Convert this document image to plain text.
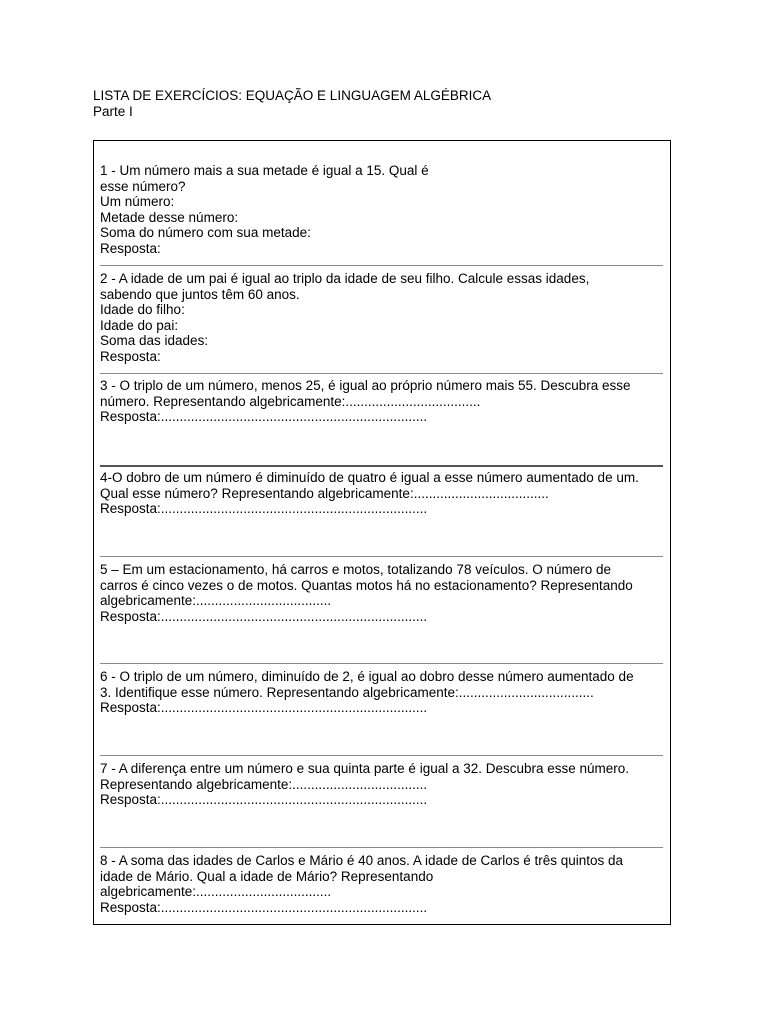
LISTA DE EXERCÍCIOS: EQUAÇÃO E LINGUAGEM ALGÉBRICA
Parte I
1 - Um número mais a sua metade é igual a 15. Qual é
esse número?
Um número:
Metade desse número:
Soma do número com sua metade:
Resposta:
2 - A idade de um pai é igual ao triplo da idade de seu filho. Calcule essas idades,
sabendo que juntos têm 60 anos.
Idade do filho:
Idade do pai:
Soma das idades:
Resposta:
3 - O triplo de um número, menos 25, é igual ao próprio número mais 55. Descubra esse
número. Representando algebricamente:....................................
Resposta:.......................................................................
4-O dobro de um número é diminuído de quatro é igual a esse número aumentado de um.
Qual esse número? Representando algebricamente:....................................
Resposta:.......................................................................
5 – Em um estacionamento, há carros e motos, totalizando 78 veículos. O número de
carros é cinco vezes o de motos. Quantas motos há no estacionamento? Representando
algebricamente:....................................
Resposta:.......................................................................
6 - O triplo de um número, diminuído de 2, é igual ao dobro desse número aumentado de
3. Identifique esse número. Representando algebricamente:....................................
Resposta:.......................................................................
7 - A diferença entre um número e sua quinta parte é igual a 32. Descubra esse número.
Representando algebricamente:....................................
Resposta:.......................................................................
8 - A soma das idades de Carlos e Mário é 40 anos. A idade de Carlos é três quintos da
idade de Mário. Qual a idade de Mário? Representando
algebricamente:....................................
Resposta:.......................................................................
